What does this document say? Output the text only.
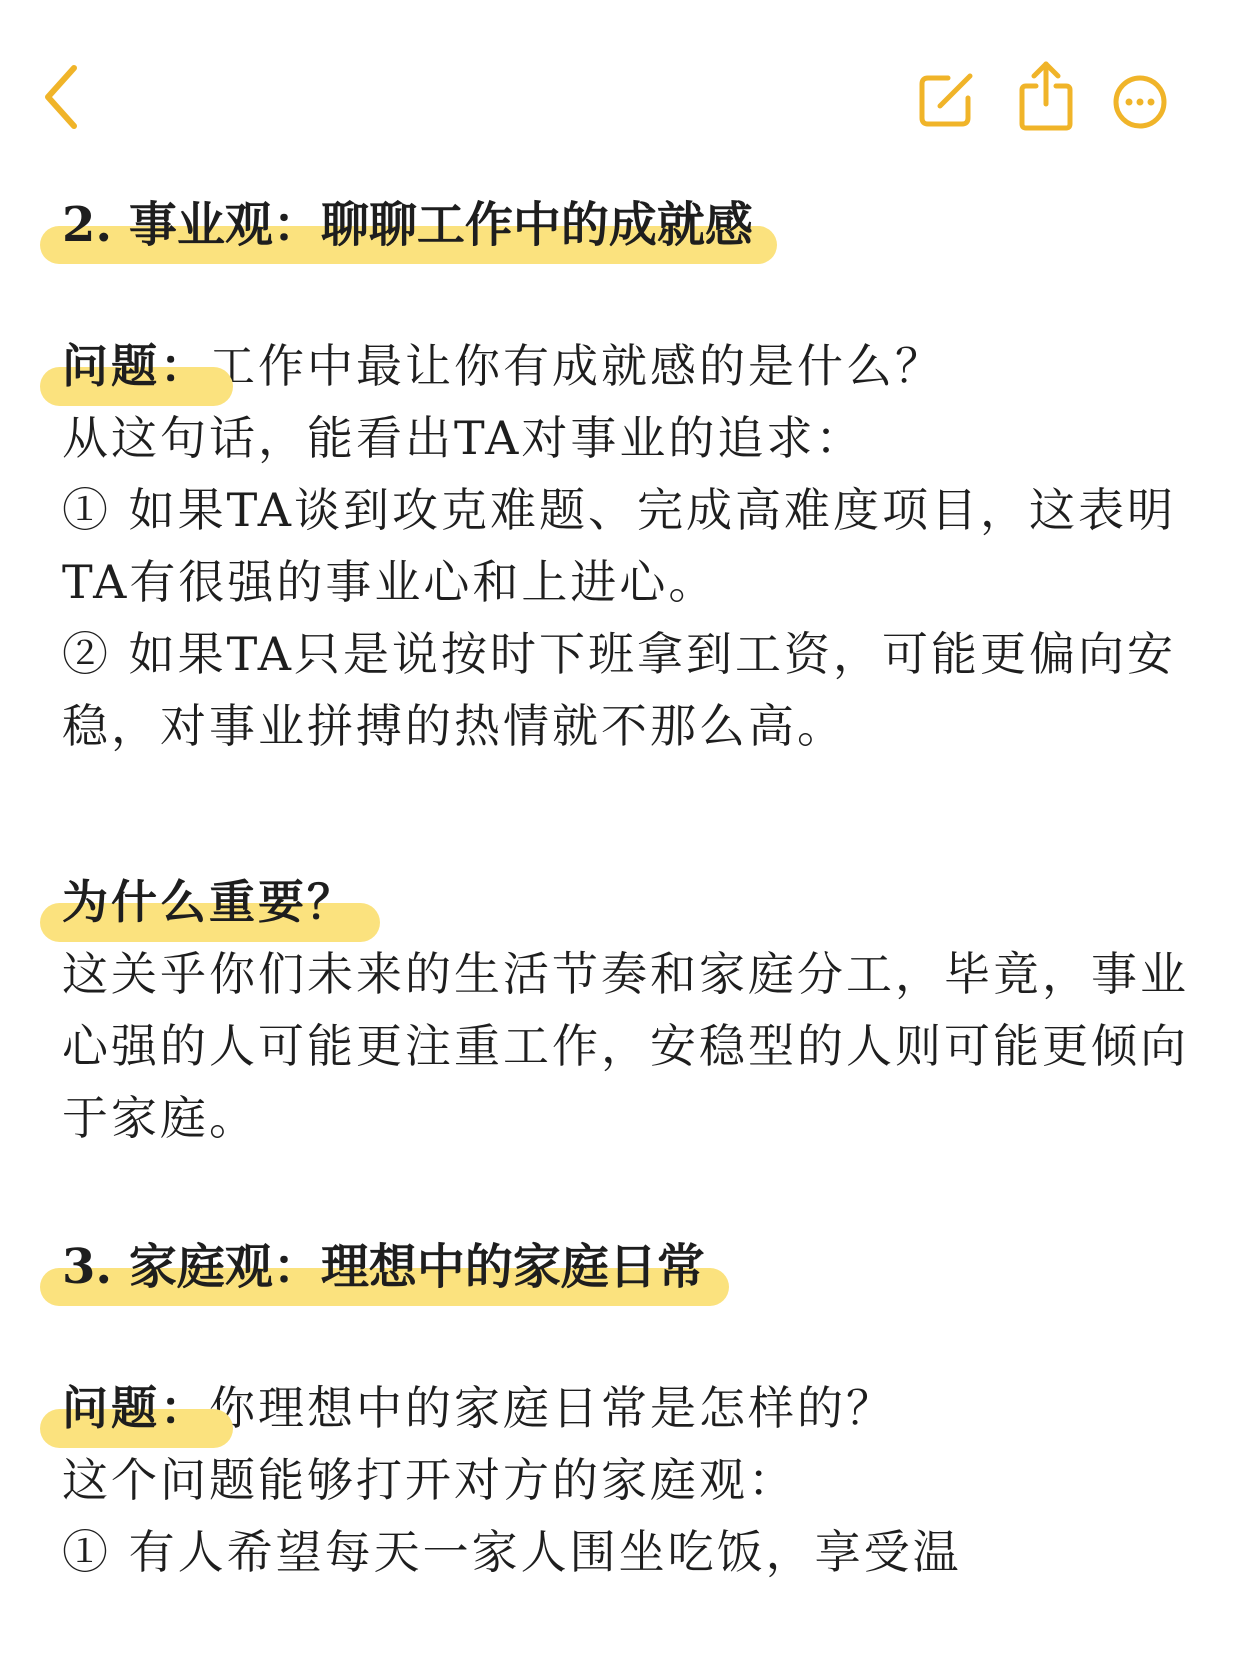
2. 事业观：聊聊工作中的成就感

问题：工作中最让你有成就感的是什么？

从这句话，能看出TA对事业的追求：

① 如果TA谈到攻克难题、完成高难度项目，这表明TA有很强的事业心和上进心。

② 如果TA只是说按时下班拿到工资，可能更偏向安稳，对事业拼搏的热情就不那么高。

为什么重要？

这关乎你们未来的生活节奏和家庭分工，毕竟，事业心强的人可能更注重工作，安稳型的人则可能更倾向于家庭。

3. 家庭观：理想中的家庭日常

问题：你理想中的家庭日常是怎样的？

这个问题能够打开对方的家庭观：

① 有人希望每天一家人围坐吃饭，享受温
